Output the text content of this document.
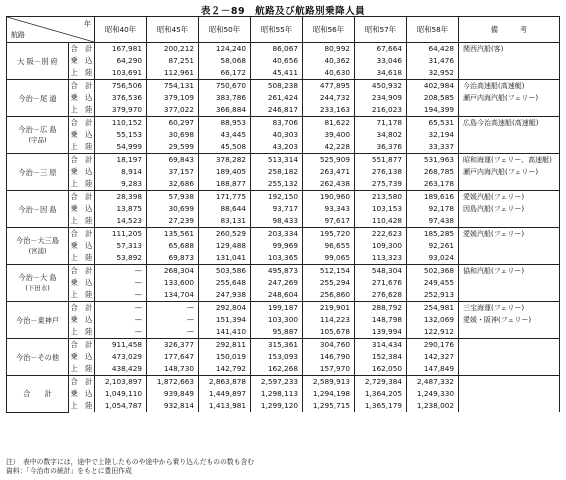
表２－89　航路及び航路別乗降人員
年
航路		昭和40年	昭和45年	昭和50年	昭和55年	昭和56年	昭和57年	昭和58年	備　　　考
大 阪－別 府	合　計	167,981	200,212	124,240	86,067	80,992	67,664	64,428	関西汽船(客)
	乗　込	64,290	87,251	58,068	40,656	40,362	33,046	31,476	
	上　陸	103,691	112,961	66,172	45,411	40,630	34,618	32,952	
今治－尾 道	合　計	756,506	754,131	750,670	508,238	477,895	450,932	402,984	今治高速船(高速艇)
	乗　込	376,536	379,109	383,786	261,424	244,732	234,909	208,585	瀬戸内海汽船(フェリー)
	上　陸	379,970	377,022	366,884	246,817	233,163	216,023	194,399	
今治－広 島
(宇品)	合　計	110,152	60,297	88,953	83,706	81,622	71,178	65,531	広島今治高速船(高速艇)
	乗　込	55,153	30,698	43,445	40,303	39,400	34,802	32,194	
	上　陸	54,999	29,599	45,508	43,203	42,228	36,376	33,337	
今治－三 原	合　計	18,197	69,843	378,282	513,314	525,909	551,877	531,963	昭和海運(フェリー、高速艇)
	乗　込	8,914	37,157	189,405	258,182	263,471	276,138	268,785	瀬戸内海汽船(フェリー)
	上　陸	9,283	32,686	188,877	255,132	262,438	275,739	263,178	
今治－因 島	合　計	28,398	57,938	171,775	192,150	190,960	213,580	189,616	愛媛汽船(フェリー)
	乗　込	13,875	30,699	88,644	93,717	93,343	103,153	92,178	因島汽船(フェリー)
	上　陸	14,523	27,239	83,131	98,433	97,617	110,428	97,438	
今治－大三島
(宮浦)	合　計	111,205	135,561	260,529	203,334	195,720	222,623	185,285	愛媛汽船(フェリー)
	乗　込	57,313	65,688	129,488	99,969	96,655	109,300	92,261	
	上　陸	53,892	69,873	131,041	103,365	99,065	113,323	93,024	
今治－大 島
(下田水)	合　計	—	268,304	503,586	495,873	512,154	548,304	502,368	協和汽船(フェリー)
	乗　込	—	133,600	255,648	247,269	255,294	271,676	249,455	
	上　陸	—	134,704	247,938	248,604	256,860	276,628	252,913	
今治－東神戸	合　計	—	—	292,804	199,187	219,901	288,792	254,981	三宝海運(フェリー)
	乗　込	—	—	151,394	103,300	114,223	148,798	132,069	愛媛・阪神(フェリー)
	上　陸	—	—	141,410	95,887	105,678	139,994	122,912	
今治－その他	合　計	911,458	326,377	292,811	315,361	304,760	314,434	290,176	
	乗　込	473,029	177,647	150,019	153,093	146,790	152,384	142,327	
	上　陸	438,429	148,730	142,792	162,268	157,970	162,050	147,849	
合　　計	合　計	2,103,897	1,872,663	2,863,878	2,597,233	2,589,913	2,729,384	2,487,332	
	乗　込	1,049,110	939,849	1,449,897	1,298,113	1,294,198	1,364,205	1,249,330	
	上　陸	1,054,787	932,814	1,413,981	1,299,120	1,295,715	1,365,179	1,238,002	
注）　表中の数字には，途中で上陸したものや途中から乗り込んだものの数も含む
資料：「今治市の統計」をもとに豊田作成
